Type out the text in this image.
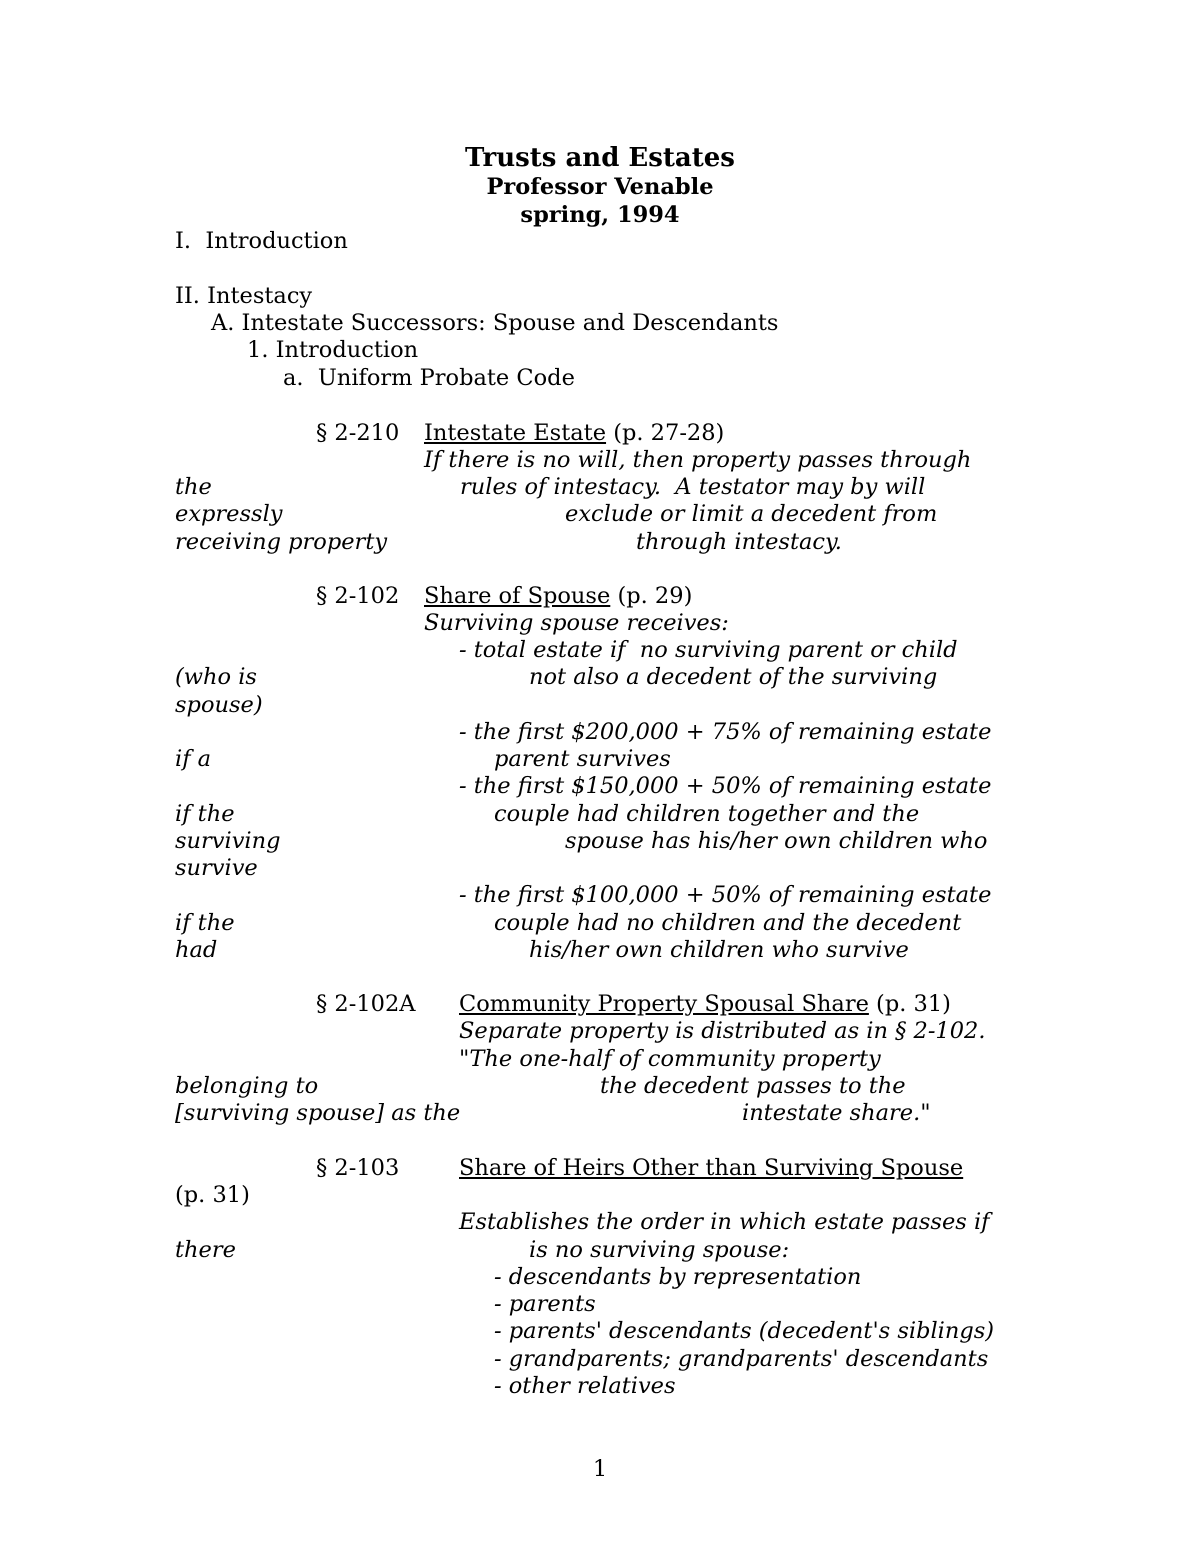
Trusts and Estates
Professor Venable
spring, 1994
I.  Introduction
II. Intestacy
A. Intestate Successors: Spouse and Descendants
1. Introduction
a.  Uniform Probate Code
§ 2-210 Intestate Estate (p. 27-28)
If there is no will, then property passes through
the	rules of intestacy.  A testator may by will
expressly	exclude or limit a decedent from
receiving property	through intestacy.
§ 2-102 Share of Spouse (p. 29)
Surviving spouse receives:
- total estate if  no surviving parent or child
(who is	not also a decedent of the surviving
spouse)
- the first $200,000 + 75% of remaining estate
if a	parent survives
- the first $150,000 + 50% of remaining estate
if the	couple had children together and the
surviving	spouse has his/her own children who
survive
- the first $100,000 + 50% of remaining estate
if the	couple had no children and the decedent
had	his/her own children who survive
§ 2-102A Community Property Spousal Share (p. 31)
Separate property is distributed as in § 2-102.
"The one-half of community property
belonging to	the decedent passes to the
[surviving spouse] as the	intestate share."
§ 2-103	Share of Heirs Other than Surviving Spouse
(p. 31)
Establishes the order in which estate passes if
there	is no surviving spouse:
- descendants by representation
- parents
- parents' descendants (decedent's siblings)
- grandparents; grandparents' descendants
- other relatives
1
